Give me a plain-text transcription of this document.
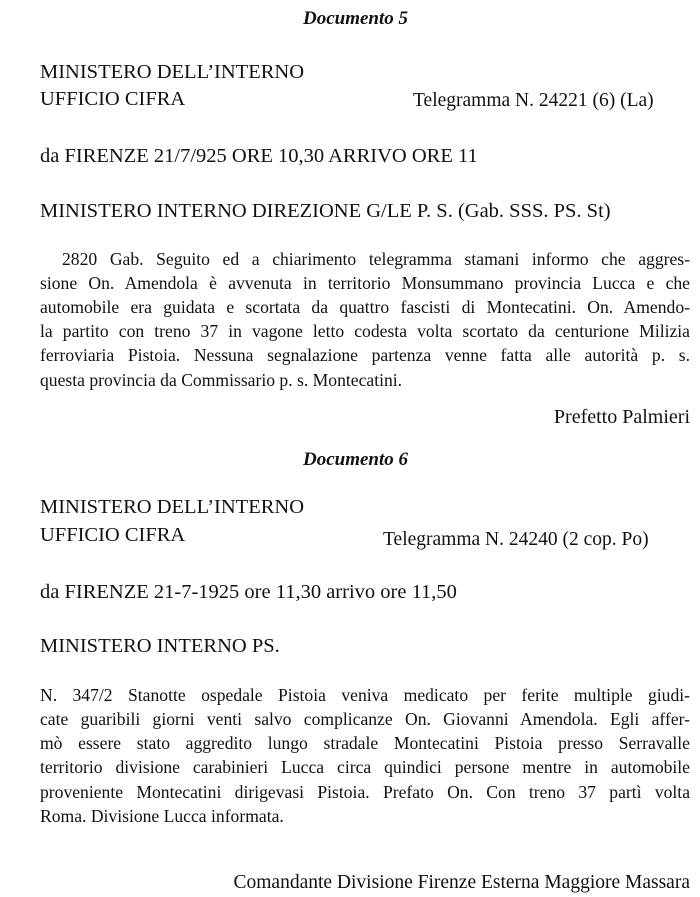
Documento 5
MINISTERO DELL’INTERNO
UFFICIO CIFRA	Telegramma N. 24221 (6) (La)
da FIRENZE 21/7/925 ORE 10,30 ARRIVO ORE 11
MINISTERO INTERNO DIREZIONE G/LE P. S. (Gab. SSS. PS. St)
2820 Gab. Seguito ed a chiarimento telegramma stamani informo che aggres-
sione On. Amendola è avvenuta in territorio Monsummano provincia Lucca e che
automobile era guidata e scortata da quattro fascisti di Montecatini. On. Amendo-
la partito con treno 37 in vagone letto codesta volta scortato da centurione Milizia
ferroviaria Pistoia. Nessuna segnalazione partenza venne fatta alle autorità p. s.
questa provincia da Commissario p. s. Montecatini.
Prefetto Palmieri
Documento 6
MINISTERO DELL’INTERNO
UFFICIO CIFRA	Telegramma N. 24240 (2 cop. Po)
da FIRENZE 21-7-1925 ore 11,30 arrivo ore 11,50
MINISTERO INTERNO PS.
N. 347/2 Stanotte ospedale Pistoia veniva medicato per ferite multiple giudi-
cate guaribili giorni venti salvo complicanze On. Giovanni Amendola. Egli affer-
mò essere stato aggredito lungo stradale Montecatini Pistoia presso Serravalle
territorio divisione carabinieri Lucca circa quindici persone mentre in automobile
proveniente Montecatini dirigevasi Pistoia. Prefato On. Con treno 37 partì volta
Roma. Divisione Lucca informata.
Comandante Divisione Firenze Esterna Maggiore Massara
